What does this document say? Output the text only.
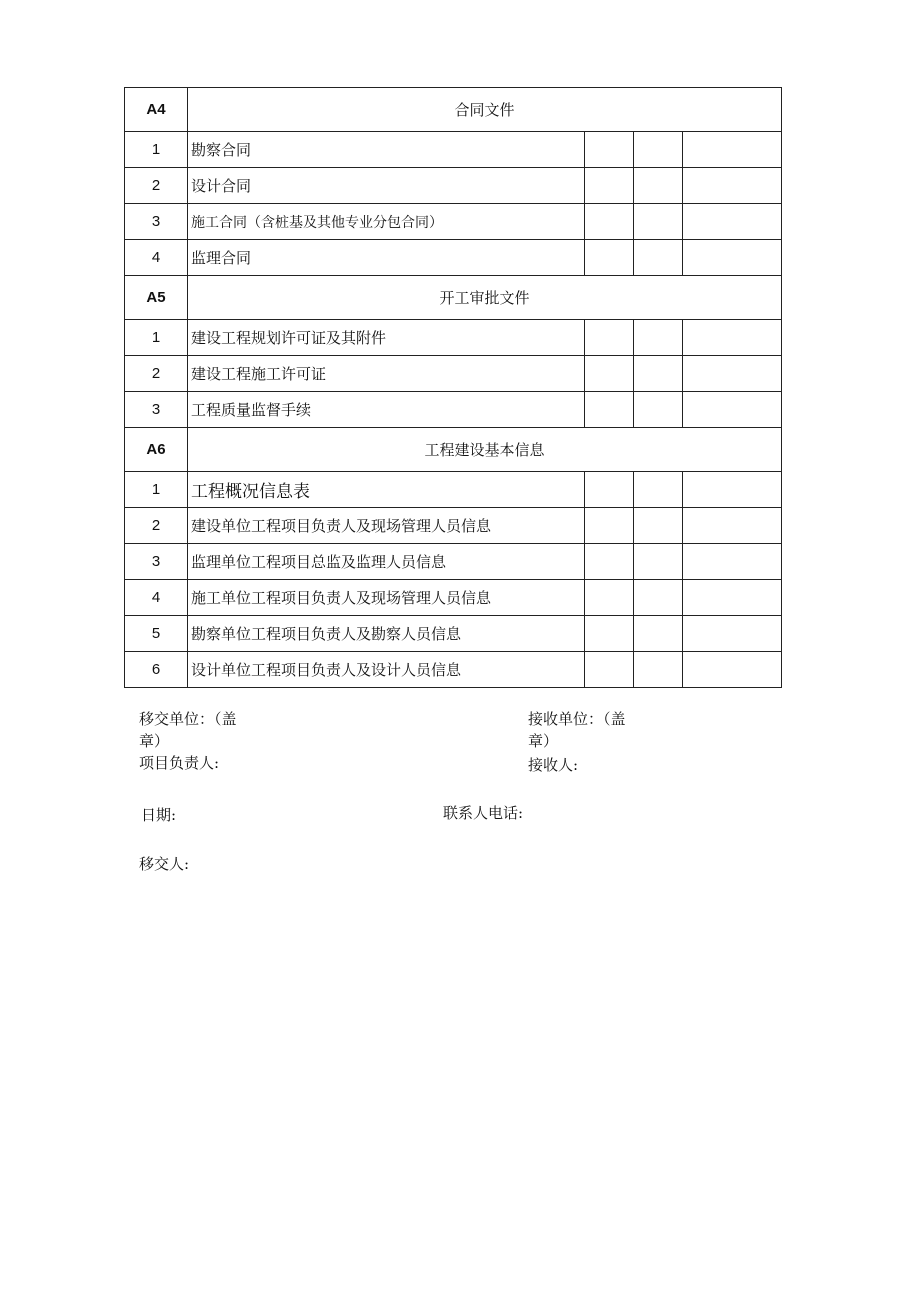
A4	合同文件			
1	勘察合同			
2	设计合同			
3	施工合同（含桩基及其他专业分包合同）			
4	监理合同			
A5	开工审批文件			
1	建设工程规划许可证及其附件			
2	建设工程施工许可证			
3	工程质量监督手续			
A6	工程建设基本信息			
1	工程概况信息表			
2	建设单位工程项目负责人及现场管理人员信息			
3	监理单位工程项目总监及监理人员信息			
4	施工单位工程项目负责人及现场管理人员信息			
5	勘察单位工程项目负责人及勘察人员信息			
6	设计单位工程项目负责人及设计人员信息			
移交单位：（盖
章）
项目负责人:
接收单位：（盖
章）
接收人:
日期:	联系人电话:
移交人:
